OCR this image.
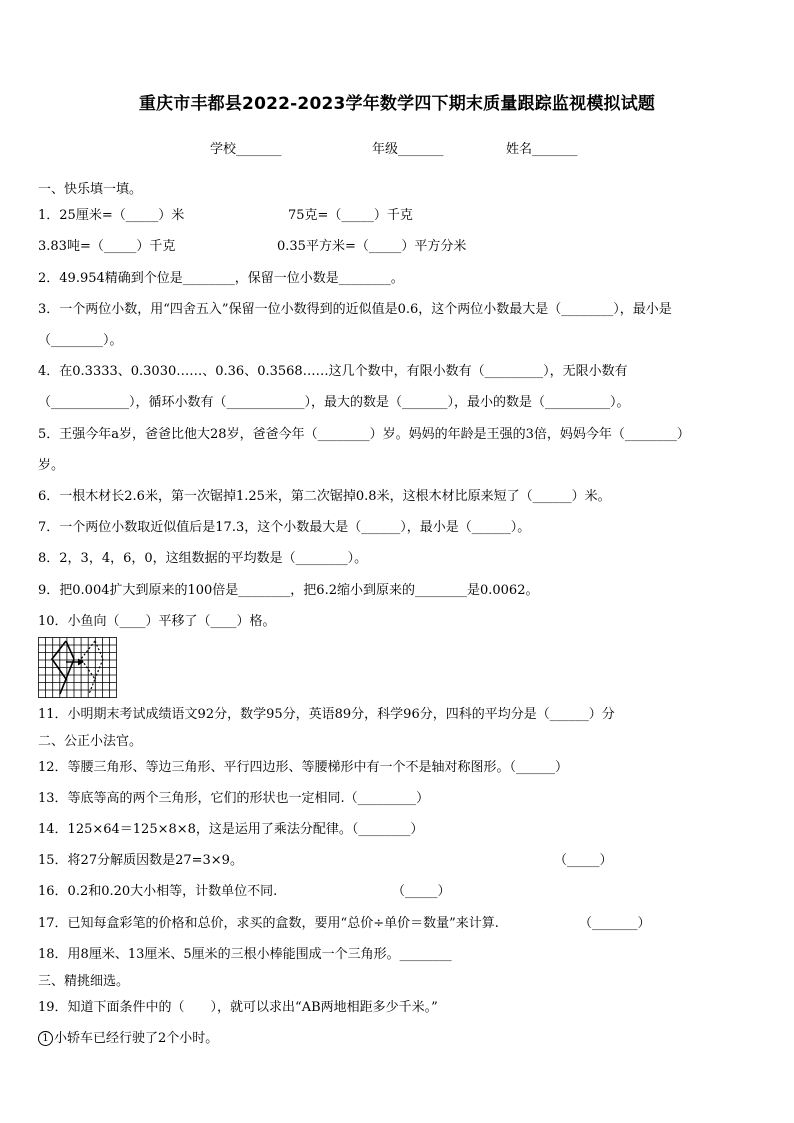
重庆市丰都县2022-2023学年数学四下期末质量跟踪监视模拟试题
学校_______	年级_______	姓名_______
一、快乐填一填。
1．25厘米=（_____）米	75克=（_____）千克
3.83吨=（_____）千克	0.35平方米=（_____）平方分米
2．49.954精确到个位是________，保留一位小数是________。
3．一个两位小数，用“四舍五入”保留一位小数得到的近似值是0.6，这个两位小数最大是（________），最小是
（________）。
4．在0.3333、0.3030……、0.36、0.3568……这几个数中，有限小数有（_________），无限小数有
（____________），循环小数有（____________），最大的数是（_______），最小的数是（__________）。
5．王强今年a岁，爸爸比他大28岁，爸爸今年（________）岁。妈妈的年龄是王强的3倍，妈妈今年（________）
岁。
6．一根木材长2.6米，第一次锯掉1.25米，第二次锯掉0.8米，这根木材比原来短了（______）米。
7．一个两位小数取近似值后是17.3，这个小数最大是（______），最小是（______）。
8．2，3，4，6，0，这组数据的平均数是（________）。
9．把0.004扩大到原来的100倍是________，把6.2缩小到原来的________是0.0062。
10．小鱼向（____）平移了（____）格。
11．小明期末考试成绩语文92分，数学95分，英语89分，科学96分，四科的平均分是（______）分
二、公正小法官。
12．等腰三角形、等边三角形、平行四边形、等腰梯形中有一个不是轴对称图形。（______）
13．等底等高的两个三角形，它们的形状也一定相同.（_________）
14．125×64＝125×8×8，这是运用了乘法分配律。（________）
15．将27分解质因数是27=3×9。	（_____）
16．0.2和0.20大小相等，计数单位不同.	（_____）
17．已知每盒彩笔的价格和总价，求买的盒数，要用“总价÷单价＝数量”来计算.	（_______）
18．用8厘米、13厘米、5厘米的三根小棒能围成一个三角形。________
三、精挑细选。
19．知道下面条件中的（　　），就可以求出“AB两地相距多少千米。”
1 小轿车已经行驶了2个小时。
